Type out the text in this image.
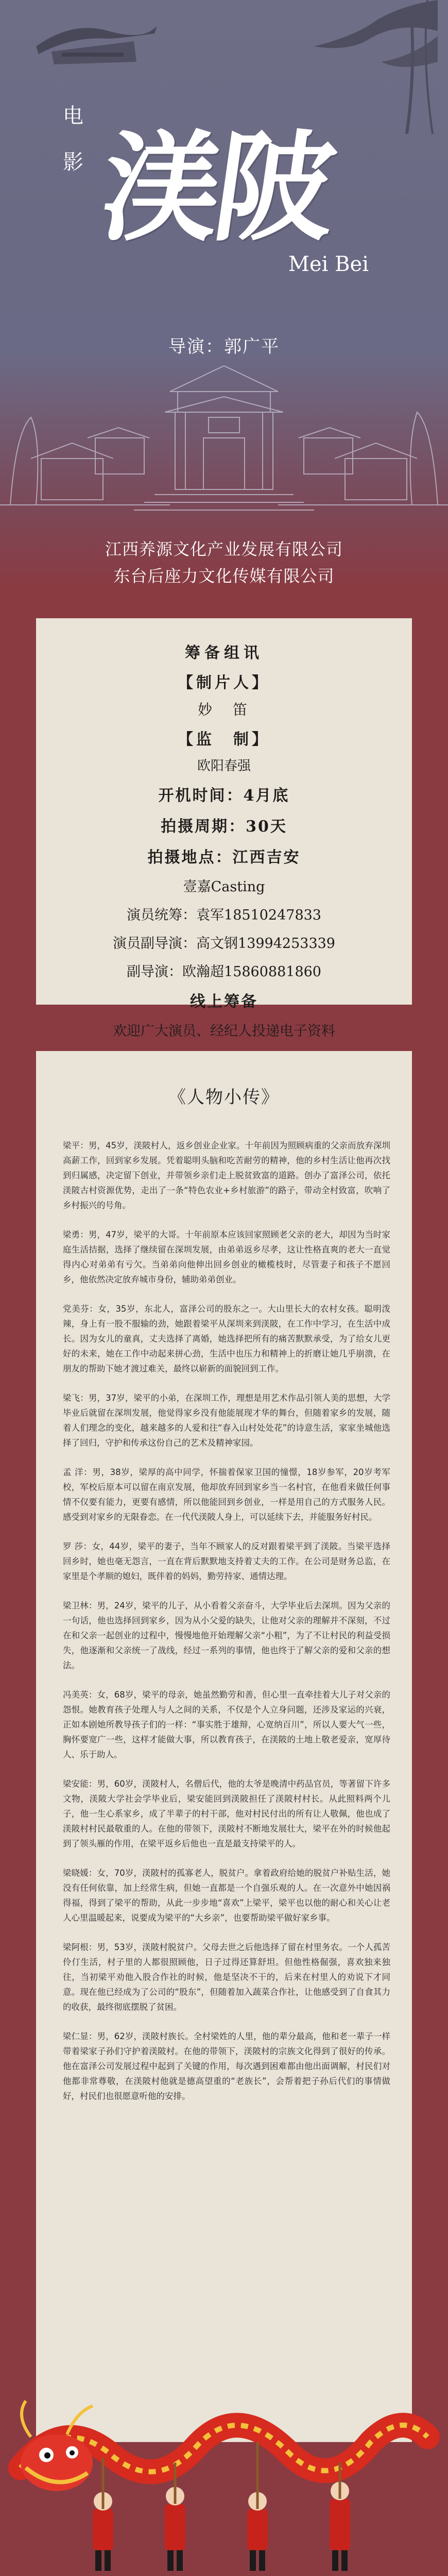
电
影 渼陂
Mei Bei
导演：郭广平
江西养源文化产业发展有限公司
东台后座力文化传媒有限公司
筹备组讯
【制片人】
妙　笛
【监　制】
欧阳春强
开机时间：4月底
拍摄周期：30天
拍摄地点：江西吉安
壹嘉Casting
演员统筹：袁军18510247833
演员副导演：高文钢13994253339
副导演：欧瀚超15860881860
线上筹备
欢迎广大演员、经纪人投递电子资料
《人物小传》

梁平：男，45岁，渼陂村人，返乡创业企业家。十年前因为照顾病重的父亲而放弃深圳高薪工作，回到家乡发展。凭着聪明头脑和吃苦耐劳的精神，他的乡村生活让他再次找到归属感，决定留下创业，并带领乡亲们走上脱贫致富的道路。创办了富泽公司，依托渼陂古村资源优势，走出了一条“特色农业+乡村旅游”的路子，带动全村致富，吹响了乡村振兴的号角。

梁勇：男，47岁，梁平的大哥。十年前原本应该回家照顾老父亲的老大，却因为当时家庭生活拮据，选择了继续留在深圳发展，由弟弟返乡尽孝，这让性格直爽的老大一直觉得内心对弟弟有亏欠。当弟弟向他伸出回乡创业的橄榄枝时，尽管妻子和孩子不愿回乡，他依然决定放弃城市身份，辅助弟弟创业。

党美芬：女，35岁，东北人，富泽公司的股东之一。大山里长大的农村女孩。聪明泼辣，身上有一股不服输的劲，她跟着梁平从深圳来到渼陂，在工作中学习，在生活中成长。因为女儿的童真，丈夫选择了离婚，她选择把所有的痛苦默默承受，为了给女儿更好的未来，她在工作中动起来拼心劲，生活中也压力和精神上的折磨让她几乎崩溃，在朋友的帮助下她才渡过难关，最终以崭新的面貌回到工作。

梁飞：男，37岁，梁平的小弟，在深圳工作，理想是用艺术作品引领人美的思想，大学毕业后就留在深圳发展，他觉得家乡没有他能展现才华的舞台，但随着家乡的发展，随着人们理念的变化，越来越多的人爱和往“春入山村处处花”的诗意生活，家家坐城他选择了回归，守护和传承这份自己的艺术及精神家园。

孟 洋：男，38岁，梁厚的高中同学，怀揣着保家卫国的憧憬，18岁参军，20岁考军校，军校后原本可以留在南京发展，他却放弃回到家乡当一名村官，在他看来做任何事情不仅要有能力，更要有感情，所以他能回到乡创业，一样是用自己的方式服务人民。感受到对家乡的无限眷恋。在一代代渼陂人身上，可以延续下去，并能服务好村民。

罗 莎：女，44岁，梁平的妻子，当年不顾家人的反对跟着梁平到了渼陂。当梁平选择回乡时，她也毫无怨言，一直在背后默默地支持着丈夫的工作。在公司是财务总监，在家里是个孝顺的媳妇，既伴着的妈妈，勤劳持家、通情达理。

梁卫林：男，24岁，梁平的儿子，从小看着父亲奋斗，大学毕业后去深圳。因为父亲的一句话，他也选择回到家乡，因为从小父爱的缺失，让他对父亲的理解并不深刻，不过在和父亲一起创业的过程中，慢慢地他开始理解父亲“小粗”，为了不让村民的利益受损失，他逐渐和父亲统一了战线，经过一系列的事情，他也终于了解父亲的爱和父亲的想法。

冯美英：女，68岁，梁平的母亲，她虽然勤劳和善，但心里一直牵挂着大儿子对父亲的怨恨。她教育孩子处理人与人之间的关系，不仅是个人立身问题，还涉及家运的兴衰，正如本剧她所教导孩子们的一样：“事实胜于雄辩，心宽纳百川”，所以人要大气一些，胸怀要宽广一些，这样才能做大事，所以教育孩子，在渼陂的土地上敬老爱亲，宽厚待人、乐于助人。

梁安能：男，60岁，渼陂村人，名僧后代，他的太爷是晚清中药品官员，等著留下许多文物，渼陂大学社会学毕业后，梁安能回到渼陂担任了渼陂村村长。从此照料两个儿子，他一生心系家乡，成了半辈子的村干部，他对村民付出的所有让人敬佩，他也成了渼陂村村民最敬重的人。在他的带领下，渼陂村不断地发展壮大，梁平在外的时候他起到了领头雁的作用，在梁平返乡后他也一直是最支持梁平的人。

梁晓媛：女，70岁，渼陂村的孤寡老人，脱贫户。拿着政府给她的脱贫户补贴生活，她没有任何依靠，加上经常生病，但她一直都是一个自强乐观的人。在一次意外中她因祸得福，得到了梁平的帮助，从此一步步地“喜欢”上梁平，梁平也以他的耐心和关心让老人心里温暖起来，说要成为梁平的“大乡亲”，也要帮助梁平做好家乡事。

梁阿根：男，53岁，渼陂村脱贫户。父母去世之后他选择了留在村里务农。一个人孤苦伶仃生活，村子里的人都很照顾他，日子过得还算舒坦。但他性格倔强，喜欢独来独往，当初梁平劝他入股合作社的时候，他是坚决不干的，后来在村里人的劝说下才同意。现在他已经成为了公司的“股东”，但随着加入蔬菜合作社，让他感受到了自食其力的收获，最终彻底摆脱了贫困。

梁仁显：男，62岁，渼陂村族长。全村梁姓的人里，他的辈分最高，他和老一辈子一样带着梁家子孙们守护着渼陂村。在他的带领下，渼陂村的宗族文化得到了很好的传承。他在富泽公司发展过程中起到了关键的作用，每次遇到困难都由他出面调解，村民们对他都非常尊敬，在渼陂村他就是德高望重的“老族长”，会帮着把子孙后代们的事情做好，村民们也很愿意听他的安排。
